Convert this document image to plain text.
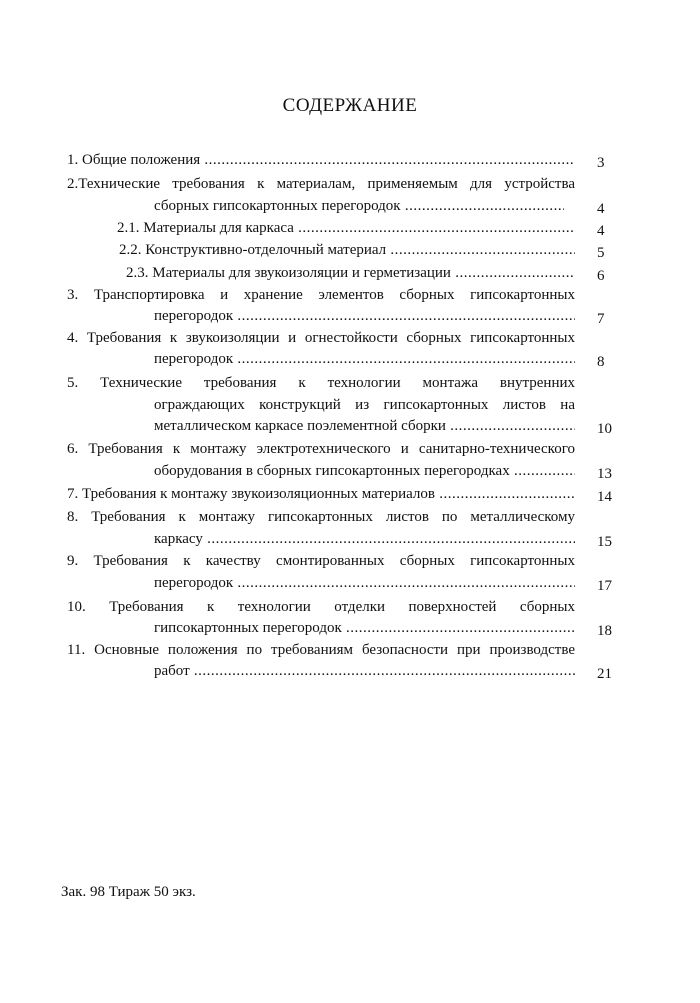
СОДЕРЖАНИЕ
1. Общие положения .....	3
2.Технические требования к материалам, применяемым для устройства
сборных гипсокартонных перегородок .....	4
2.1. Материалы для каркаса .....	4
2.2. Конструктивно-отделочный материал .....	5
2.3. Материалы для звукоизоляции и герметизации .....	6
3. Транспортировка и хранение элементов сборных гипсокартонных
перегородок .....	7
4. Требования к звукоизоляции и огнестойкости сборных гипсокартонных
перегородок .....	8
5. Технические требования к технологии монтажа внутренних
ограждающих конструкций из гипсокартонных листов на
металлическом каркасе поэлементной сборки .....	10
6. Требования к монтажу электротехнического и санитарно-технического
оборудования в сборных гипсокартонных перегородках .....	13
7. Требования к монтажу звукоизоляционных материалов .....	14
8. Требования к монтажу гипсокартонных листов по металлическому
каркасу .....	15
9. Требования к качеству смонтированных сборных гипсокартонных
перегородок .....	17
10. Требования к технологии отделки поверхностей сборных
гипсокартонных перегородок .....	18
11. Основные положения по требованиям безопасности при производстве
работ .....	21
Зак. 98 Тираж 50 экз.
